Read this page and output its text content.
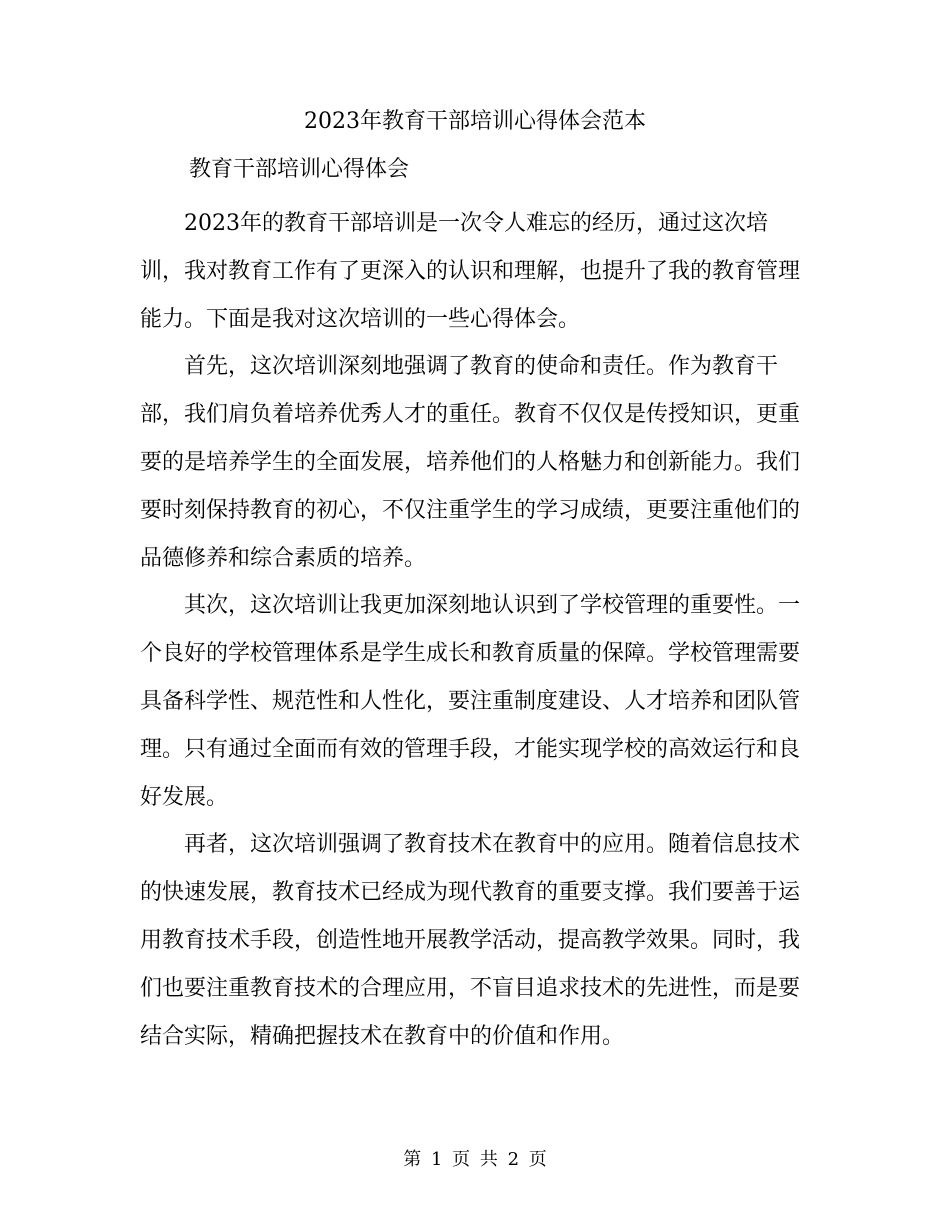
2023年教育干部培训心得体会范本
教育干部培训心得体会

2023年的教育干部培训是一次令人难忘的经历，通过这次培训，我对教育工作有了更深入的认识和理解，也提升了我的教育管理能力。下面是我对这次培训的一些心得体会。

首先，这次培训深刻地强调了教育的使命和责任。作为教育干部，我们肩负着培养优秀人才的重任。教育不仅仅是传授知识，更重要的是培养学生的全面发展，培养他们的人格魅力和创新能力。我们要时刻保持教育的初心，不仅注重学生的学习成绩，更要注重他们的品德修养和综合素质的培养。

其次，这次培训让我更加深刻地认识到了学校管理的重要性。一个良好的学校管理体系是学生成长和教育质量的保障。学校管理需要具备科学性、规范性和人性化，要注重制度建设、人才培养和团队管理。只有通过全面而有效的管理手段，才能实现学校的高效运行和良好发展。

再者，这次培训强调了教育技术在教育中的应用。随着信息技术的快速发展，教育技术已经成为现代教育的重要支撑。我们要善于运用教育技术手段，创造性地开展教学活动，提高教学效果。同时，我们也要注重教育技术的合理应用，不盲目追求技术的先进性，而是要结合实际，精确把握技术在教育中的价值和作用。

第 1 页 共 2 页
